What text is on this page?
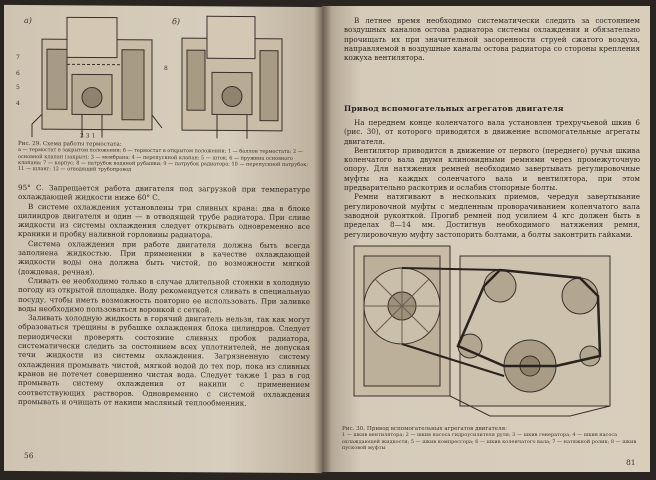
а)	б)
7
6
5
4
8
2 3 1
Рис. 29. Схема работы термостата:
а — термостат в закрытом положении; б — термостат в открытом положении; 1 — баллон термостата; 2 — основной клапан (закрыт); 3 — мембрана; 4 — перепускной клапан; 5 — шток; 6 — пружина основного клапана; 7 — корпус; 8 — патрубок водяной рубашки; 9 — патрубок радиатора; 10 — перепускной патрубок; 11 — шланг; 12 — отводящий трубопровод

95° С. Запрещается работа двигателя под загрузкой при температуре охлаждающей жидкости ниже 60° С.

В системе охлаждения установлены три сливных крана: два в блоке цилиндров двигателя и один — в отводящей трубе радиатора. При сливе жидкости из системы охлаждения следует открывать одновременно все краники и пробку наливной горловины радиатора.

Система охлаждения при работе двигателя должна быть всегда заполнена жидкостью. При применении в качестве охлаждающей жидкости воды она должна быть чистой, по возможности мягкой (дождевая, речная).

Сливать ее необходимо только в случае длительной стоянки в холодную погоду из открытой площадке. Воду рекомендуется сливать в специальную посуду, чтобы иметь возможность повторно ее использовать. При заливке воды необходимо пользоваться воронкой с сеткой.

Заливать холодную жидкость в горячий двигатель нельзя, так как могут образоваться трещины в рубашке охлаждения блока цилиндров. Следует периодически проверять состояние сливных пробок радиатора, систематически следить за состоянием всех уплотнителей, не допуская течи жидкости из системы охлаждения. Загрязненную систему охлаждения промывать чистой, мягкой водой до тех пор, пока из сливных кранов не потечет совершенно чистая вода. Следует также 1 раз в год промывать систему охлаждения от накипи с применением соответствующих растворов. Одновременно с системой охлаждения промывать и очищать от накипи масляный теплообменник.

56

В летнее время необходимо систематически следить за состоянием воздушных каналов остова радиатора системы охлаждения и обязательно прочищать их при значительной засоренности струей сжатого воздуха, направляемой в воздушные каналы остова радиатора со стороны крепления кожуха вентилятора.

Привод вспомогательных агрегатов двигателя

На переднем конце коленчатого вала установлен трехручьевой шкив 6 (рис. 30), от которого приводятся в движение вспомогательные агрегаты двигателя.

Вентилятор приводится в движение от первого (переднего) ручья шкива коленчатого вала двумя клиновидными ремнями через промежуточную опору. Для натяжения ремней необходимо завертывать регулировочные муфты на каждых соленчатого вала и вентилятора, при этом предварительно раскотрив и ослабив стопорные болты.

Ремни натягивают в нескольких приемов, чередуя завертывание регулировочной муфты с медленным проворачиванием коленчатого вала заводной рукояткой. Прогиб ремней под усилием 4 кгс должен быть в пределах 8—14 мм. Достигнув необходимого натяжения ремня, регулировочную муфту застопорить болтами, а болты законтрить гайками.

Рис. 30. Привод вспомогательных агрегатов двигателя:
1 — шкив вентилятора; 2 — шкив насоса гидроусилителя руля; 3 — шкив генератора; 4 — шкив насоса охлаждающей жидкости; 5 — шкив компрессора; 6 — шкив коленчатого вала; 7 — натяжной ролик; 8 — шкив пусковой муфты
81
